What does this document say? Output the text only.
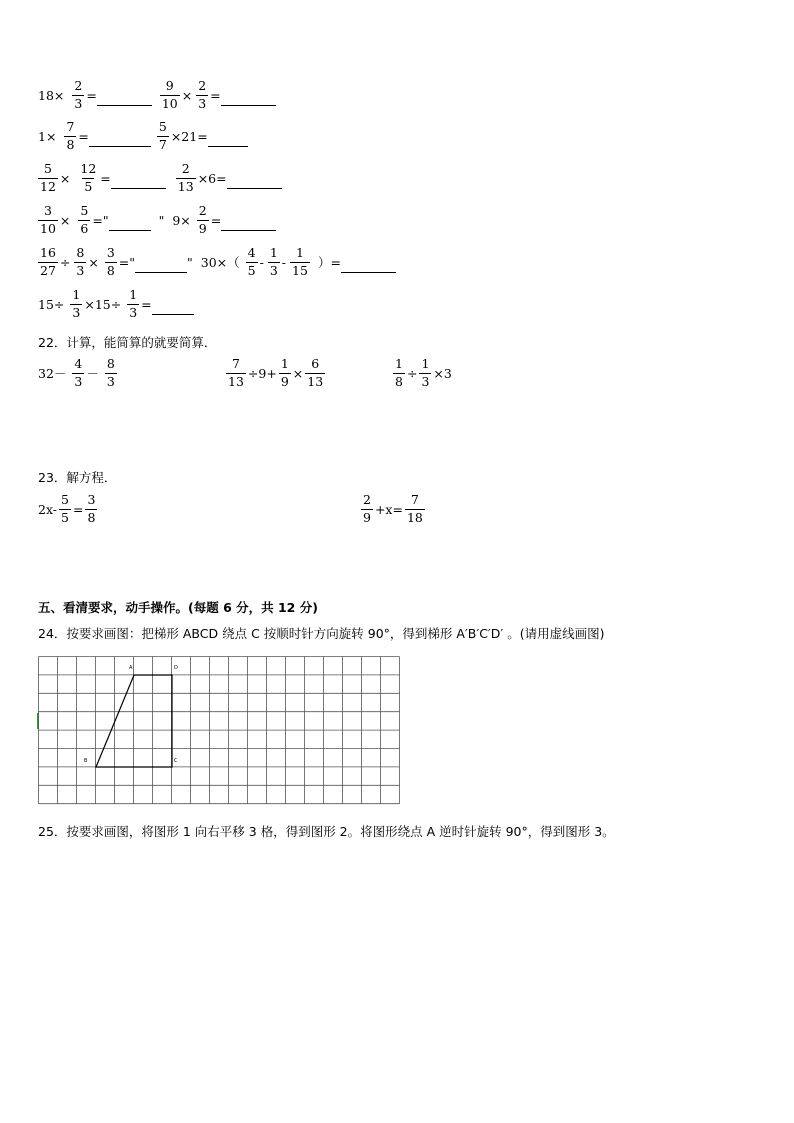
$18\times \frac{2}{3}$ =	$\frac{9}{10} \times \frac{2}{3}$ =
$1\times \frac{7}{8}$ =	$\frac{5}{7} \times 21=$
$\frac{5}{12} \times \frac{12}{5}$ =	$\frac{2}{13} \times 6=$
$\frac{3}{10} \times \frac{5}{6}$ ="	" $9\times \frac{2}{9}$ =
$\frac{16}{27} \div \frac{8}{3} \times \frac{3}{8}$ ="	" $30\times( \frac{4}{5} - \frac{1}{3} - \frac{1}{15}$ ）=
$15\div \frac{1}{3} \times 15\div \frac{1}{3}$ =
22．计算，能简算的就要简算．
$32- \frac{4}{3} - \frac{8}{3}$	$\frac{7}{13} \div 9+ \frac{1}{9} \times \frac{6}{13}$	$\frac{1}{8} \div \frac{1}{3} \times 3$
23．解方程．
$2x- \frac{5}{5} = \frac{3}{8}$	$\frac{2}{9} +x= \frac{7}{18}$
五、看清要求，动手操作。(每题 6 分，共 12 分)
24．按要求画图：把梯形 ABCD 绕点 C 按顺时针方向旋转 90°，得到梯形 A′B′C′D′ 。(请用虚线画图)
A	D
B	C
25．按要求画图，将图形 1 向右平移 3 格，得到图形 2。将图形绕点 A 逆时针旋转 90°，得到图形 3。
